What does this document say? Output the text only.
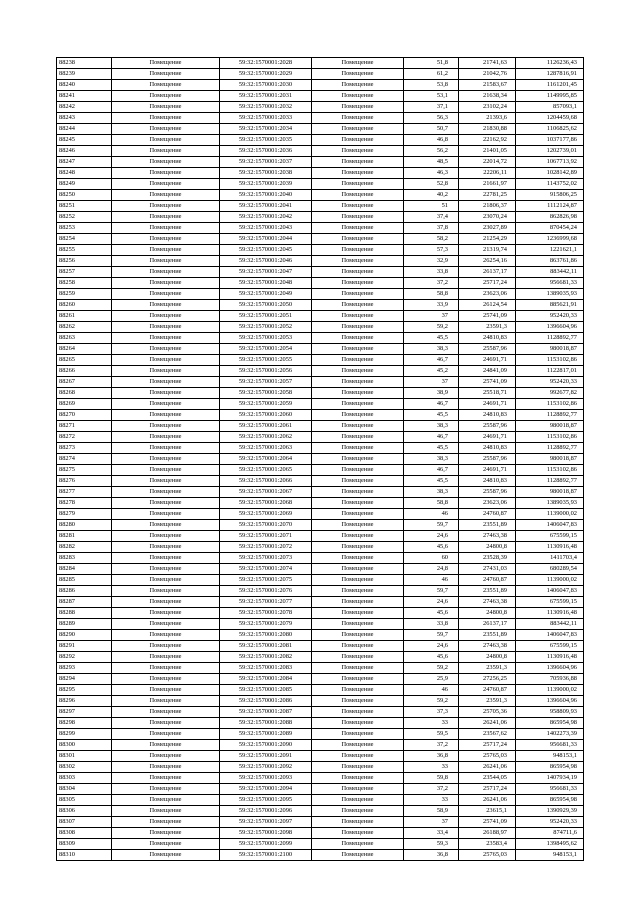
88238	Помещение	59:32:1570001:2028	Помещение	51,8	21741,63	1126236,43
88239	Помещение	59:32:1570001:2029	Помещение	61,2	21042,76	1287816,91
88240	Помещение	59:32:1570001:2030	Помещение	53,8	21583,67	1161201,45
88241	Помещение	59:32:1570001:2031	Помещение	53,1	21638,34	1149995,85
88242	Помещение	59:32:1570001:2032	Помещение	37,1	23102,24	857093,1
88243	Помещение	59:32:1570001:2033	Помещение	56,3	21393,6	1204459,68
88244	Помещение	59:32:1570001:2034	Помещение	50,7	21830,88	1106825,62
88245	Помещение	59:32:1570001:2035	Помещение	46,8	22162,92	1037177,86
88246	Помещение	59:32:1570001:2036	Помещение	56,2	21401,05	1202739,01
88247	Помещение	59:32:1570001:2037	Помещение	48,5	22014,72	1067713,92
88248	Помещение	59:32:1570001:2038	Помещение	46,3	22206,11	1028142,89
88249	Помещение	59:32:1570001:2039	Помещение	52,8	21661,97	1143752,02
88250	Помещение	59:32:1570001:2040	Помещение	40,2	22781,25	915806,25
88251	Помещение	59:32:1570001:2041	Помещение	51	21806,37	1112124,87
88252	Помещение	59:32:1570001:2042	Помещение	37,4	23070,24	862826,98
88253	Помещение	59:32:1570001:2043	Помещение	37,8	23027,89	870454,24
88254	Помещение	59:32:1570001:2044	Помещение	58,2	21254,29	1236999,68
88255	Помещение	59:32:1570001:2045	Помещение	57,3	21319,74	1221621,1
88256	Помещение	59:32:1570001:2046	Помещение	32,9	26254,16	863761,86
88257	Помещение	59:32:1570001:2047	Помещение	33,8	26137,17	883442,11
88258	Помещение	59:32:1570001:2048	Помещение	37,2	25717,24	956681,33
88259	Помещение	59:32:1570001:2049	Помещение	58,8	23623,06	1389035,93
88260	Помещение	59:32:1570001:2050	Помещение	33,9	26124,54	885621,91
88261	Помещение	59:32:1570001:2051	Помещение	37	25741,09	952420,33
88262	Помещение	59:32:1570001:2052	Помещение	59,2	23591,3	1396604,96
88263	Помещение	59:32:1570001:2053	Помещение	45,5	24810,83	1128892,77
88264	Помещение	59:32:1570001:2054	Помещение	38,3	25587,96	980018,87
88265	Помещение	59:32:1570001:2055	Помещение	46,7	24691,71	1153102,86
88266	Помещение	59:32:1570001:2056	Помещение	45,2	24841,09	1122817,01
88267	Помещение	59:32:1570001:2057	Помещение	37	25741,09	952420,33
88268	Помещение	59:32:1570001:2058	Помещение	38,9	25518,71	992677,82
88269	Помещение	59:32:1570001:2059	Помещение	46,7	24691,71	1153102,86
88270	Помещение	59:32:1570001:2060	Помещение	45,5	24810,83	1128892,77
88271	Помещение	59:32:1570001:2061	Помещение	38,3	25587,96	980018,87
88272	Помещение	59:32:1570001:2062	Помещение	46,7	24691,71	1153102,86
88273	Помещение	59:32:1570001:2063	Помещение	45,5	24810,83	1128892,77
88274	Помещение	59:32:1570001:2064	Помещение	38,3	25587,96	980018,87
88275	Помещение	59:32:1570001:2065	Помещение	46,7	24691,71	1153102,86
88276	Помещение	59:32:1570001:2066	Помещение	45,5	24810,83	1128892,77
88277	Помещение	59:32:1570001:2067	Помещение	38,3	25587,96	980018,87
88278	Помещение	59:32:1570001:2068	Помещение	58,8	23623,06	1389035,93
88279	Помещение	59:32:1570001:2069	Помещение	46	24760,87	1139000,02
88280	Помещение	59:32:1570001:2070	Помещение	59,7	23551,89	1406047,83
88281	Помещение	59:32:1570001:2071	Помещение	24,6	27463,38	675599,15
88282	Помещение	59:32:1570001:2072	Помещение	45,6	24800,8	1130916,48
88283	Помещение	59:32:1570001:2073	Помещение	60	23528,39	1411703,4
88284	Помещение	59:32:1570001:2074	Помещение	24,8	27431,03	680289,54
88285	Помещение	59:32:1570001:2075	Помещение	46	24760,87	1139000,02
88286	Помещение	59:32:1570001:2076	Помещение	59,7	23551,89	1406047,83
88287	Помещение	59:32:1570001:2077	Помещение	24,6	27463,38	675599,15
88288	Помещение	59:32:1570001:2078	Помещение	45,6	24800,8	1130916,48
88289	Помещение	59:32:1570001:2079	Помещение	33,8	26137,17	883442,11
88290	Помещение	59:32:1570001:2080	Помещение	59,7	23551,89	1406047,83
88291	Помещение	59:32:1570001:2081	Помещение	24,6	27463,38	675599,15
88292	Помещение	59:32:1570001:2082	Помещение	45,6	24800,8	1130916,48
88293	Помещение	59:32:1570001:2083	Помещение	59,2	23591,3	1396604,96
88294	Помещение	59:32:1570001:2084	Помещение	25,9	27256,25	705936,88
88295	Помещение	59:32:1570001:2085	Помещение	46	24760,87	1139000,02
88296	Помещение	59:32:1570001:2086	Помещение	59,2	23591,3	1396604,96
88297	Помещение	59:32:1570001:2087	Помещение	37,3	25705,36	958809,93
88298	Помещение	59:32:1570001:2088	Помещение	33	26241,06	865954,98
88299	Помещение	59:32:1570001:2089	Помещение	59,5	23567,62	1402273,39
88300	Помещение	59:32:1570001:2090	Помещение	37,2	25717,24	956681,33
88301	Помещение	59:32:1570001:2091	Помещение	36,8	25765,03	948153,1
88302	Помещение	59:32:1570001:2092	Помещение	33	26241,06	865954,98
88303	Помещение	59:32:1570001:2093	Помещение	59,8	23544,05	1407934,19
88304	Помещение	59:32:1570001:2094	Помещение	37,2	25717,24	956681,33
88305	Помещение	59:32:1570001:2095	Помещение	33	26241,06	865954,98
88306	Помещение	59:32:1570001:2096	Помещение	58,9	23615,1	1390929,39
88307	Помещение	59:32:1570001:2097	Помещение	37	25741,09	952420,33
88308	Помещение	59:32:1570001:2098	Помещение	33,4	26188,97	874711,6
88309	Помещение	59:32:1570001:2099	Помещение	59,3	23583,4	1398495,62
88310	Помещение	59:32:1570001:2100	Помещение	36,8	25765,03	948153,1
